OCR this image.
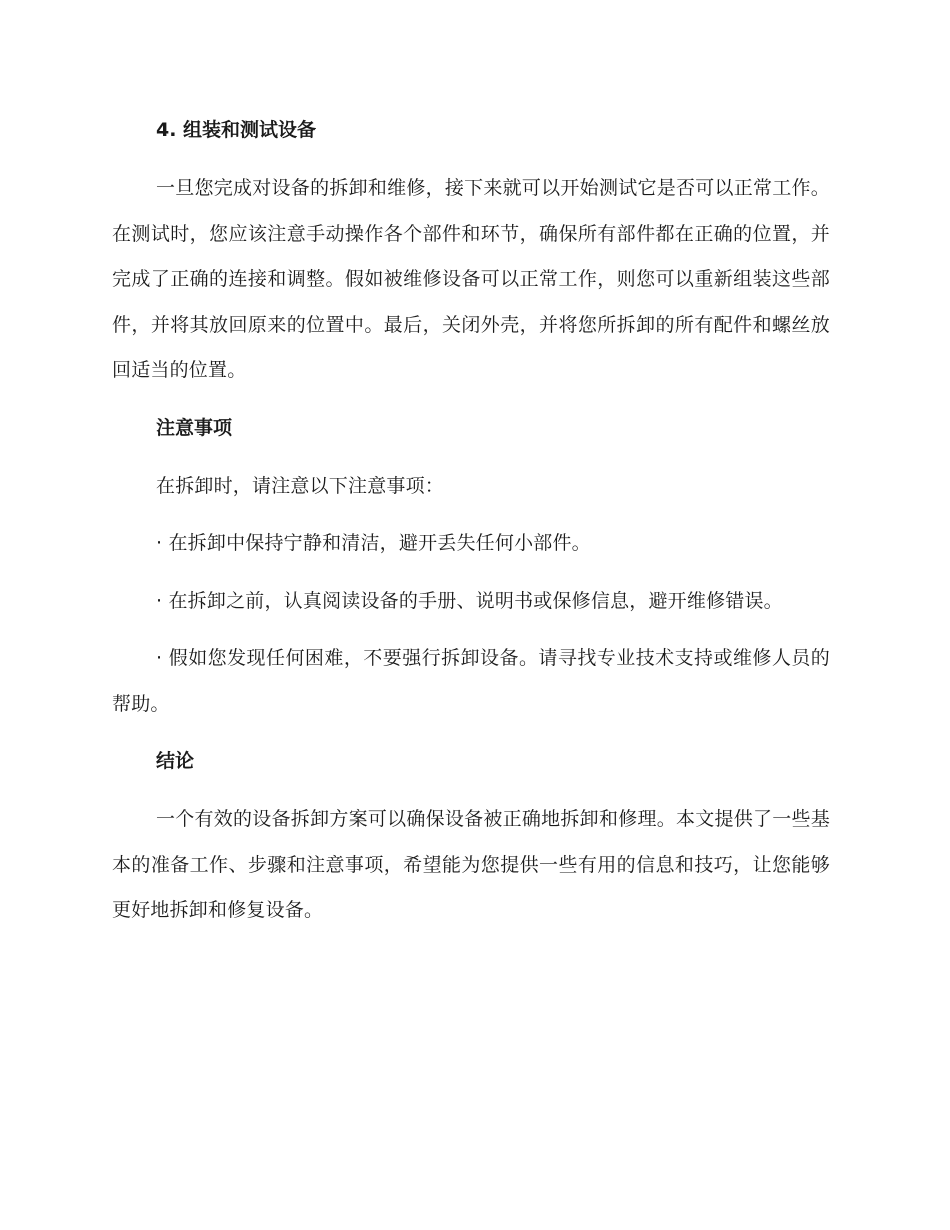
4. 组装和测试设备

一旦您完成对设备的拆卸和维修，接下来就可以开始测试它是否可以正常工作。在测试时，您应该注意手动操作各个部件和环节，确保所有部件都在正确的位置，并完成了正确的连接和调整。假如被维修设备可以正常工作，则您可以重新组装这些部件，并将其放回原来的位置中。最后，关闭外壳，并将您所拆卸的所有配件和螺丝放回适当的位置。

注意事项

在拆卸时，请注意以下注意事项：

· 在拆卸中保持宁静和清洁，避开丢失任何小部件。

· 在拆卸之前，认真阅读设备的手册、说明书或保修信息，避开维修错误。

· 假如您发现任何困难，不要强行拆卸设备。请寻找专业技术支持或维修人员的帮助。

结论

一个有效的设备拆卸方案可以确保设备被正确地拆卸和修理。本文提供了一些基本的准备工作、步骤和注意事项，希望能为您提供一些有用的信息和技巧，让您能够更好地拆卸和修复设备。
